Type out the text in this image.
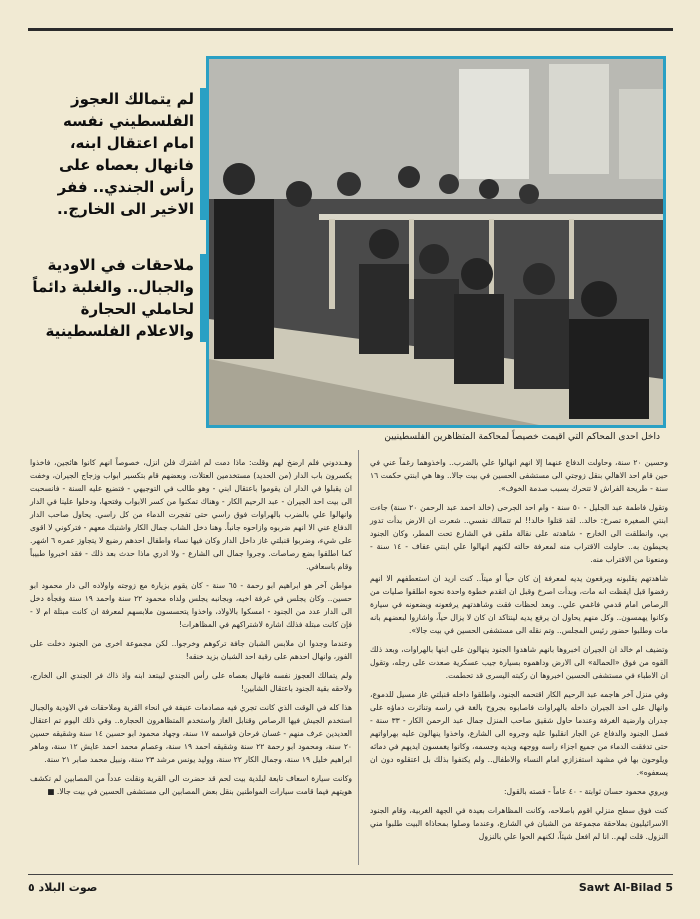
لم يتمالك العجوز الفلسطيني نفسه امام اعتقال ابنه، فانهال بعصاه على رأس الجندي.. ففر الاخير الى الخارج..
ملاحقات في الاودية والجبال.. والغلبة دائماً لحاملي الحجارة والاعلام الفلسطينية
داخل احدى المحاكم التي اقيمت خصيصاً لمحاكمة المتظاهرين الفلسطينيين

وحسين ٢٠ سنة، وحاولت الدفاع عنهما إلا انهم انهالوا علي بالضرب.. واخذوهما رغماً عني في حين قام احد الاهالي بنقل زوجتي الى مستشفى الحسين في بيت جالا.. وها هي ابنتي حكمت ١٦ سنة - طريحة الفراش لا تتحرك بسبب صدمة الخوف».

وتقول فاطمة عبد الجليل - ٥٠ سنة - وام احد الجرحى (خالد احمد عبد الرحمن ٢٠ سنة) جاءت ابنتي الصغيرة تصرخ: خالد.. لقد قتلوا خالد!! لم تتمالك نفسي.. شعرت ان الارض بدأت تدور بي، وانطلقت الى الخارج - شاهدته على نقالة ملقى في الشارع تحت المطر، وكان الجنود يحيطون به.. حاولت الاقتراب منه لمعرفة حالته لكنهم انهالوا علي ابنتي عفاف - ١٤ سنة - ومنعونا من الاقتراب منه.

شاهدتهم يقلبونه ويرفعون يديه لمعرفة إن كان حياً او ميتاً.. كنت اريد ان استعطفهم الا انهم رفضوا قبل ايقظت انه مات، وبدأت اصرخ وقبل ان اتقدم خطوة واحدة نحوه اطلقوا صليات من الرصاص امام قدمي فاغمي علي.. وبعد لحظات فقت وشاهدتهم يرفعونه ويضعونه في سيارة وكانوا يهمسون.. وكل منهم يحاول ان يرفع يديه لينتاكد ان كان لا يزال حياً، واشاروا لبعضهم بانه مات وطلبوا حضور رئيس المجلس.. وتم نقله الى مستشفى الحسين في بيت جالا».

وتضيف ام خالد ان الجيران اخبروها بانهم شاهدوا الجنود ينهالون على ابنها بالهراوات، وبعد ذلك القوه من فوق «الحمالة» الى الارض وداهموه بسيارة جيب عسكرية صعدت على رجله، وتقول ان الاطباء في مستشفى الحسين اخبروها ان ركبته اليسرى قد تحطمت.

وفي منزل آخر هاجمه عبد الرحيم الكار اقتحمه الجنود، واطلقوا داخله قنبلتي غاز مسيل للدموع، وانهال على احد الجيران داخله بالهراوات فاصابوه بجروح بالغة في راسه وتناثرت دماؤه على جدران وارضية الغرفة وعندما حاول شقيق صاحب المنزل جمال عبد الرحمن الكار - ٣٣ سنة - فصل الجنود والدفاع عن الجار انقلبوا عليه وجروه الى الشارع، واخذوا ينهالون عليه بهراواتهم حتى تدفقت الدماء من جميع اجزاء راسه ووجهه ويديه وجسمه، وكانوا يغمسون ايديهم في دمائه ويلوحون بها في مشهد استفزازي امام النساء والاطفال.. ولم يكتفوا بذلك بل اعتقلوه دون ان يسعفوه».

ويروي محمود حسان ثوابتة - ٤٠ عاماً - قصته بالقول:

كنت فوق سطح منزلي اقوم باصلاحه، وكانت المظاهرات بعيدة في الجهة الغربية، وقام الجنود الاسرائيليون بملاحقة مجموعة من الشبان في الشارع، وعندما وصلوا بمحاذاة البيت طلبوا مني النزول. قلت لهم.. انا لم افعل شيئاً، لكنهم الحوا علي بالنزول

وهـددوني فلم ارضخ لهم وقلت: ماذا دمت لم اشترك فلن انزل، خصوصاً انهم كانوا هائجين، فاخذوا يكسرون باب الدار (من الحديد) مستخدمين العتلات، وبعضهم قام بتكسير ابواب وزجاج الجيران، وخفت ان يقبلوا في الدار ان يقوموا باعتقال ابني - وهو طالب في التوجيهي - فتضيع عليه السنة - فانسحبت الى بيت احد الجيران - عبد الرحيم الكار - وهناك تمكنوا من كسر الابواب وفتحها، ودخلوا علينا في الدار وانهالوا علي بالضرب بالهراوات فوق راسي حتى تفجرت الدماء من كل راسي. يحاول صاحب الدار الدفاع عني الا انهم ضربوه وازاحوه جانباً. وهنا دخل الشاب جمال الكار واشتبك معهم - فتركوني لا اقوى على شيء، وضربوا قنبلتي غاز داخل الدار وكان فيها نساء واطفال احدهم رضيع لا يتجاوز عمره ٦ اشهر. كما اطلقوا بضع رصاصات. وجروا جمال الى الشارع - ولا ادري ماذا حدث بعد ذلك - فقد اخبروا طبيباً وقام باسعافي.

مواطن آخر هو ابراهيم ابو رحمة - ٦٥ سنة - كان يقوم بزيارة مع زوجته واولاده الى دار محمود ابو حسين.. وكان يجلس في غرفة اخيه، وبجانبه يجلس ولداه محمود ٢٢ سنة واحمد ١٩ سنة وفجأة دخل الى الدار عدد من الجنود - امسكوا بالاولاد، واخذوا يتحسسون ملابسهم لمعرفة ان كانت مبتلة ام لا - فإن كانت مبتلة فذلك اشارة لاشتراكهم في المظاهرات!

وعندما وجدوا ان ملابس الشبان جافة تركوهم وخرجوا.. لكن مجموعة اخرى من الجنود دخلت على الفور، وانهال احدهم على رقبة احد الشبان بزيد خنقه!

ولم يتمالك العجوز نفسه فانهال بعصاه على رأس الجندي ليبتعد ابنه واذ ذاك فر الجندي الى الخارج، ولاحقه بقية الجنود باعتقال الشابين!

هذا كله في الوقت الذي كانت تجري فيه مصادمات عنيفة في انحاء القرية وملاحقات في الاودية والجبال استخدم الجيش فيها الرصاص وقنابل الغاز واستخدم المتظاهرون الحجارة.. وفي ذلك اليوم تم اعتقال العديدين عرف منهم - غسان فرحان قواسمه ١٧ سنة، وجهاد محمود ابو حسين ١٤ سنة وشقيقه حسين ٢٠ سنة، ومحمود ابو رحمة ٢٢ سنة وشقيقه احمد ١٩ سنة، وعصام محمد احمد عايش ١٢ سنة، وماهر ابراهيم خليل ١٩ سنة، وجمال الكار ٢٢ سنة، ووليد يونس مرشد ٢٣ سنة، ونبيل محمد صابر ٢١ سنة.

وكانت سيارة اسعاف تابعة لبلدية بيت لحم قد حضرت الى القرية ونقلت عدداً من المصابين لم تكشف هويتهم فيما قامت سيارات المواطنين بنقل بعض المصابين الى مستشفى الحسين في بيت جالا. ■

صوت البلاد ٥	Sawt Al-Bilad 5
